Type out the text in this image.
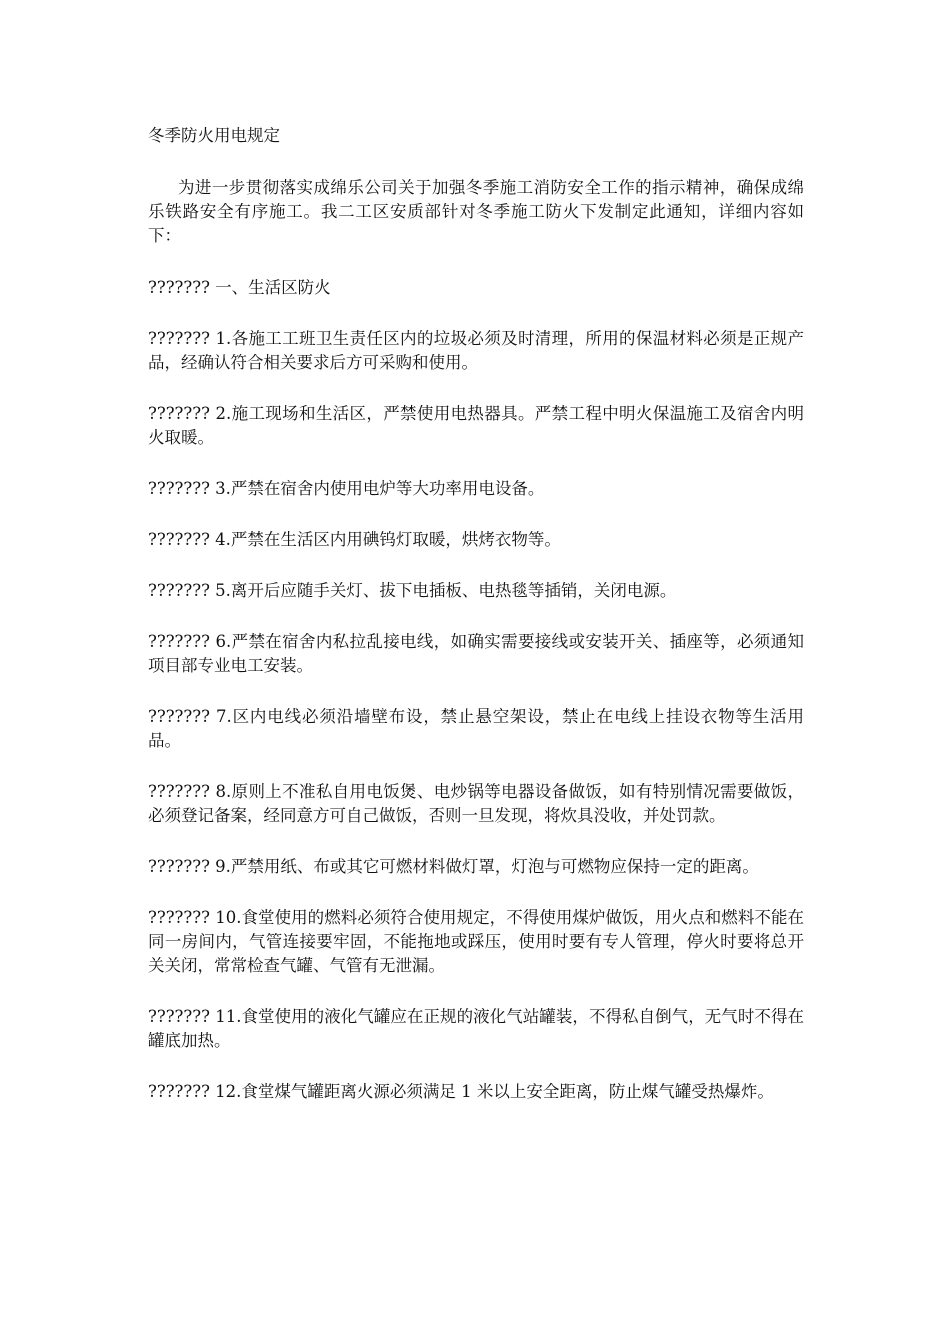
冬季防火用电规定

为进一步贯彻落实成绵乐公司关于加强冬季施工消防安全工作的指示精神，确保成绵乐铁路安全有序施工。我二工区安质部针对冬季施工防火下发制定此通知，详细内容如下：

??????? 一、生活区防火

??????? 1.各施工工班卫生责任区内的垃圾必须及时清理，所用的保温材料必须是正规产品，经确认符合相关要求后方可采购和使用。

??????? 2.施工现场和生活区，严禁使用电热器具。严禁工程中明火保温施工及宿舍内明火取暖。

??????? 3.严禁在宿舍内使用电炉等大功率用电设备。

??????? 4.严禁在生活区内用碘钨灯取暖，烘烤衣物等。

??????? 5.离开后应随手关灯、拔下电插板、电热毯等插销，关闭电源。

??????? 6.严禁在宿舍内私拉乱接电线，如确实需要接线或安装开关、插座等，必须通知项目部专业电工安装。

??????? 7.区内电线必须沿墙壁布设，禁止悬空架设，禁止在电线上挂设衣物等生活用品。

??????? 8.原则上不准私自用电饭煲、电炒锅等电器设备做饭，如有特别情况需要做饭，必须登记备案，经同意方可自己做饭，否则一旦发现，将炊具没收，并处罚款。

??????? 9.严禁用纸、布或其它可燃材料做灯罩，灯泡与可燃物应保持一定的距离。

??????? 10.食堂使用的燃料必须符合使用规定，不得使用煤炉做饭，用火点和燃料不能在同一房间内，气管连接要牢固，不能拖地或踩压，使用时要有专人管理，停火时要将总开关关闭，常常检查气罐、气管有无泄漏。

??????? 11.食堂使用的液化气罐应在正规的液化气站罐装，不得私自倒气，无气时不得在罐底加热。

??????? 12.食堂煤气罐距离火源必须满足 1 米以上安全距离，防止煤气罐受热爆炸。
